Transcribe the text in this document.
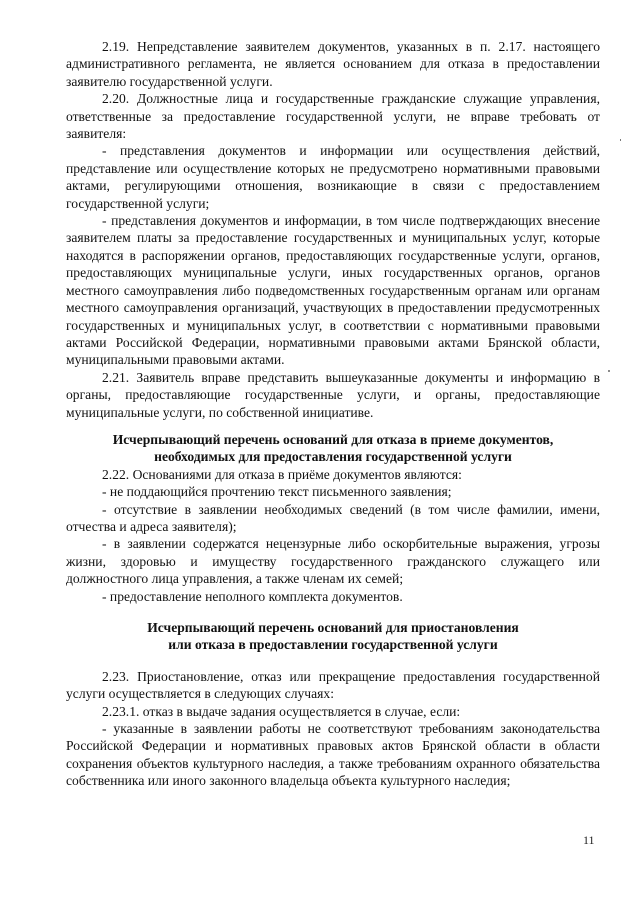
2.19. Непредставление заявителем документов, указанных в п. 2.17. настоящего административного регламента, не является основанием для отказа в предоставлении заявителю государственной услуги.

2.20. Должностные лица и государственные гражданские служащие управления, ответственные за предоставление государственной услуги, не вправе требовать от заявителя:

- представления документов и информации или осуществления действий, представление или осуществление которых не предусмотрено нормативными правовыми актами, регулирующими отношения, возникающие в связи с предоставлением государственной услуги;

- представления документов и информации, в том числе подтверждающих внесение заявителем платы за предоставление государственных и муниципальных услуг, которые находятся в распоряжении органов, предоставляющих государственные услуги, органов, предоставляющих муниципальные услуги, иных государственных органов, органов местного самоуправления либо подведомственных государственным органам или органам местного самоуправления организаций, участвующих в предоставлении предусмотренных государственных и муниципальных услуг, в соответствии с нормативными правовыми актами Российской Федерации, нормативными правовыми актами Брянской области, муниципальными правовыми актами.

2.21. Заявитель вправе представить вышеуказанные документы и информацию в органы, предоставляющие государственные услуги, и органы, предоставляющие муниципальные услуги, по собственной инициативе.

Исчерпывающий перечень оснований для отказа в приеме документов,

необходимых для предоставления государственной услуги

2.22. Основаниями для отказа в приёме документов являются:

- не поддающийся прочтению текст письменного заявления;

- отсутствие в заявлении необходимых сведений (в том числе фамилии, имени, отчества и адреса заявителя);

- в заявлении содержатся нецензурные либо оскорбительные выражения, угрозы жизни, здоровью и имуществу государственного гражданского служащего или должностного лица управления, а также членам их семей;

- предоставление неполного комплекта документов.

Исчерпывающий перечень оснований для приостановления

или отказа в предоставлении государственной услуги

2.23. Приостановление, отказ или прекращение предоставления государственной услуги осуществляется в следующих случаях:

2.23.1. отказ в выдаче задания осуществляется в случае, если:

- указанные в заявлении работы не соответствуют требованиям законодательства Российской Федерации и нормативных правовых актов Брянской области в области сохранения объектов культурного наследия, а также требованиям охранного обязательства собственника или иного законного владельца объекта культурного наследия;

11
